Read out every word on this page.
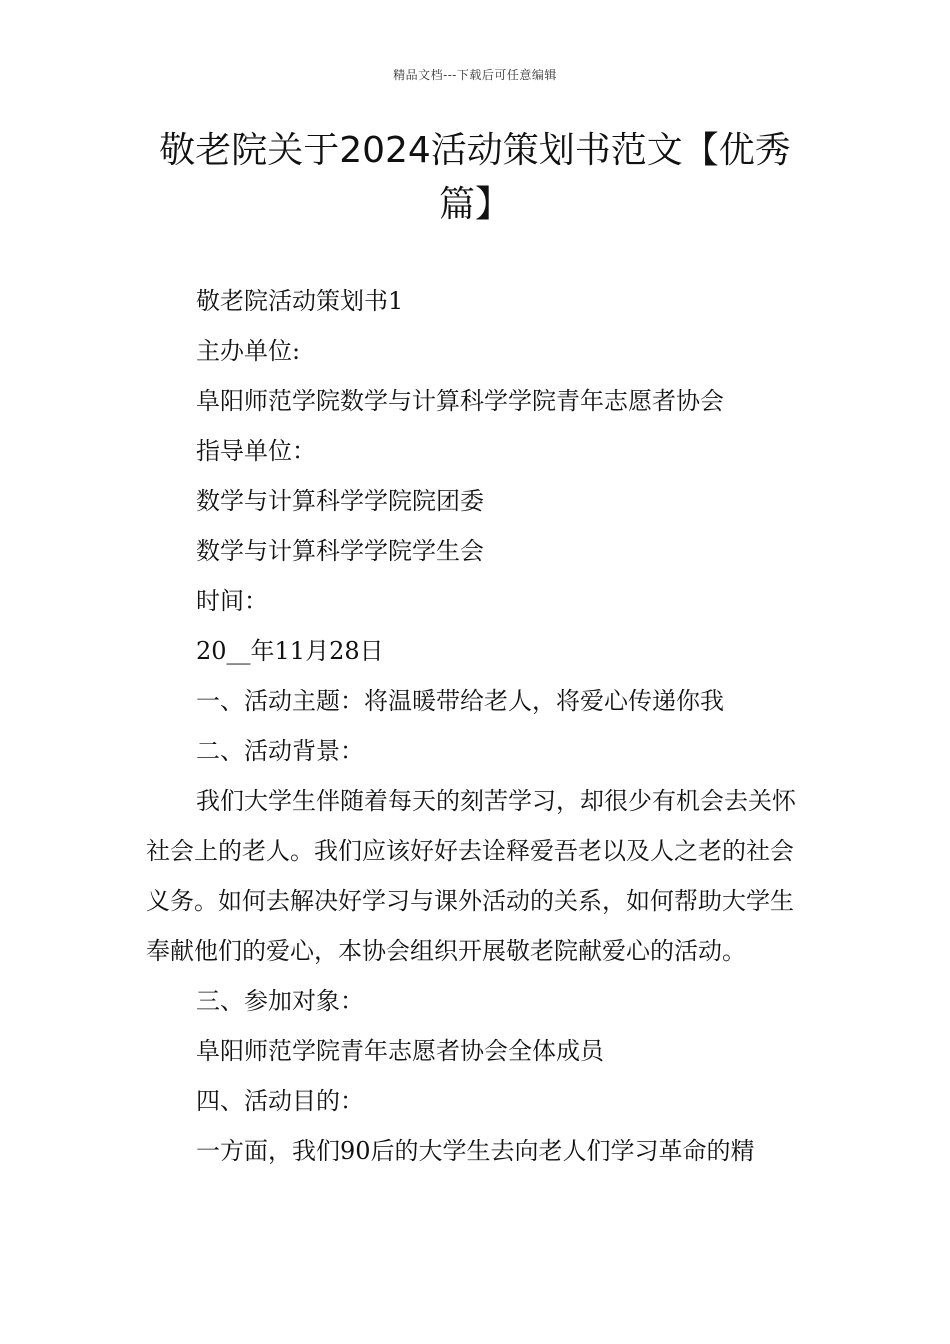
精品文档---下载后可任意编辑
敬老院关于2024活动策划书范文【优秀篇】

敬老院活动策划书1

主办单位:

阜阳师范学院数学与计算科学学院青年志愿者协会

指导单位：

数学与计算科学学院院团委

数学与计算科学学院学生会

时间：

20__年11月28日

一、活动主题：将温暖带给老人，将爱心传递你我

二、活动背景：

我们大学生伴随着每天的刻苦学习，却很少有机会去关怀社会上的老人。我们应该好好去诠释爱吾老以及人之老的社会义务。如何去解决好学习与课外活动的关系，如何帮助大学生奉献他们的爱心，本协会组织开展敬老院献爱心的活动。

三、参加对象：

阜阳师范学院青年志愿者协会全体成员

四、活动目的：

一方面，我们90后的大学生去向老人们学习革命的精
